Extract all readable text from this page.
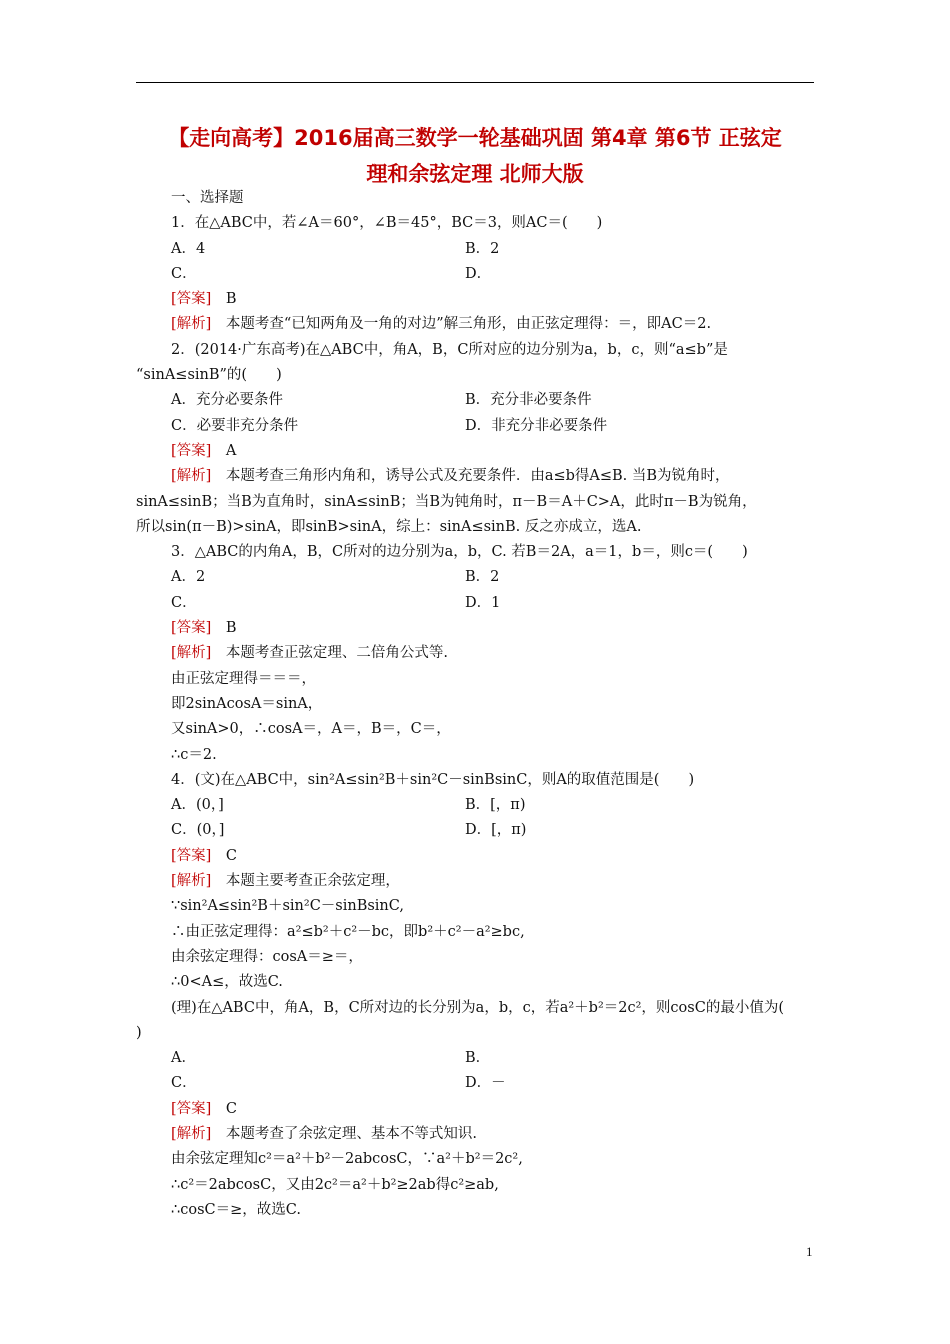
【走向高考】2016届高三数学一轮基础巩固 第4章 第6节 正弦定
理和余弦定理 北师大版
一、选择题
1．在△ABC中，若∠A＝60°，∠B＝45°，BC＝3，则AC＝(　　)
A．4	B．2
C．	D．
[答案]　B
[解析]　本题考查“已知两角及一角的对边”解三角形，由正弦定理得：＝，即AC＝2.
2．(2014·广东高考)在△ABC中，角A，B，C所对应的边分别为a，b，c，则“a≤b”是
“sinA≤sinB”的(　　)
A．充分必要条件	B．充分非必要条件
C．必要非充分条件	D．非充分非必要条件
[答案]　A
[解析]　本题考查三角形内角和，诱导公式及充要条件．由a≤b得A≤B. 当B为锐角时，
sinA≤sinB；当B为直角时，sinA≤sinB；当B为钝角时，π－B＝A＋C>A，此时π－B为锐角，
所以sin(π－B)>sinA，即sinB>sinA，综上：sinA≤sinB. 反之亦成立，选A.
3．△ABC的内角A，B，C所对的边分别为a，b，C. 若B＝2A，a＝1，b＝，则c＝(　　)
A．2	B．2
C．	D．1
[答案]　B
[解析]　本题考查正弦定理、二倍角公式等.
由正弦定理得＝＝＝，
即2sinAcosA＝sinA，
又sinA>0，∴cosA＝，A＝，B＝，C＝，
∴c＝2.
4．(文)在△ABC中，sin²A≤sin²B＋sin²C－sinBsinC，则A的取值范围是(　　)
A．(0，]	B．[，π)
C．(0，]	D．[，π)
[答案]　C
[解析]　本题主要考查正余弦定理，
∵sin²A≤sin²B＋sin²C－sinBsinC,
∴由正弦定理得：a²≤b²＋c²－bc，即b²＋c²－a²≥bc,
由余弦定理得：cosA＝≥＝，
∴0<A≤，故选C.
(理)在△ABC中，角A，B，C所对边的长分别为a，b，c，若a²＋b²＝2c²，则cosC的最小值为(
)
A．	B．
C．	D．－
[答案]　C
[解析]　本题考查了余弦定理、基本不等式知识.
由余弦定理知c²＝a²＋b²－2abcosC，∵a²＋b²＝2c²,
∴c²＝2abcosC，又由2c²＝a²＋b²≥2ab得c²≥ab,
∴cosC＝≥，故选C.
1
